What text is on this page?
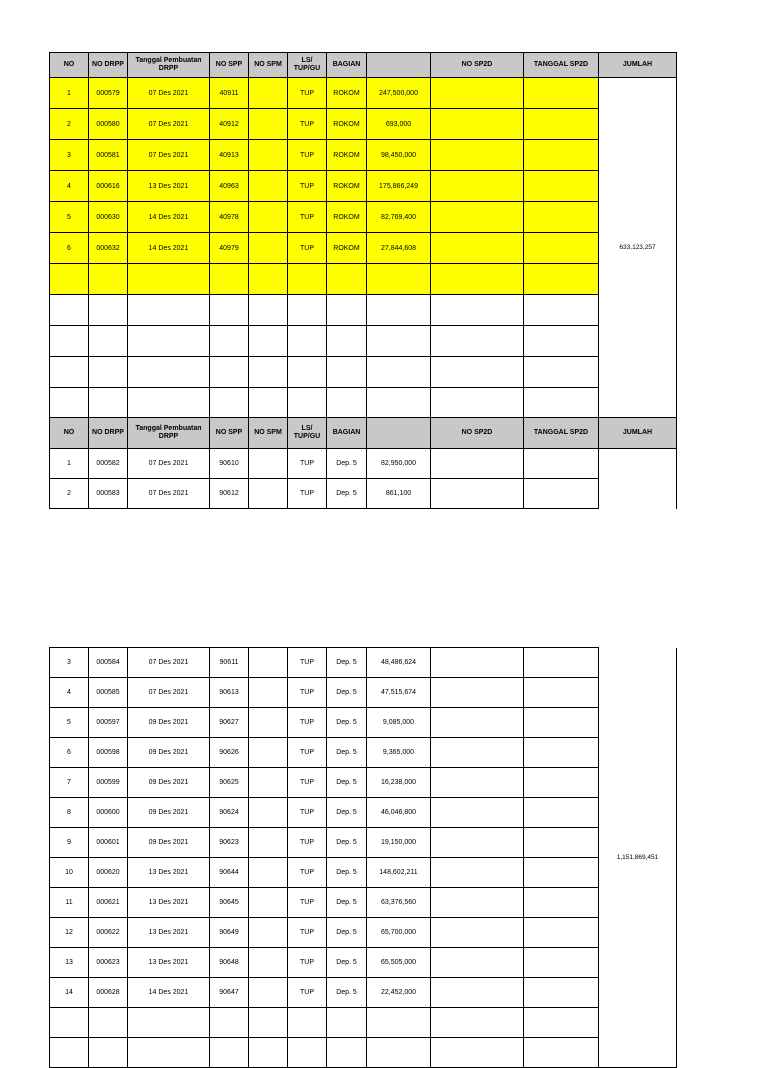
NO	NO DRPP	Tanggal Pembuatan DRPP	NO SPP	NO SPM	LS/ TUP/GU	BAGIAN		NO SP2D	TANGGAL SP2D	JUMLAH
1	000579	07 Des 2021	40911		TUP	ROKOM	247,500,000			633,123,257
2	000580	07 Des 2021	40912		TUP	ROKOM	693,000			
3	000581	07 Des 2021	40913		TUP	ROKOM	98,450,000			
4	000616	13 Des 2021	40963		TUP	ROKOM	175,866,249			
5	000630	14 Des 2021	40978		TUP	ROKOM	82,769,400			
6	000632	14 Des 2021	40979		TUP	ROKOM	27,844,608			

NO	NO DRPP	Tanggal Pembuatan DRPP	NO SPP	NO SPM	LS/ TUP/GU	BAGIAN		NO SP2D	TANGGAL SP2D	JUMLAH
1	000582	07 Des 2021	90610		TUP	Dep. 5	82,950,000			
2	000583	07 Des 2021	90612		TUP	Dep. 5	861,100			
3	000584	07 Des 2021	90611		TUP	Dep. 5	48,486,624			1,151,869,451
4	000585	07 Des 2021	90613		TUP	Dep. 5	47,515,674			
5	000597	09 Des 2021	90627		TUP	Dep. 5	9,085,000			
6	000598	09 Des 2021	90626		TUP	Dep. 5	9,365,000			
7	000599	09 Des 2021	90625		TUP	Dep. 5	16,238,000			
8	000600	09 Des 2021	90624		TUP	Dep. 5	46,046,800			
9	000601	09 Des 2021	90623		TUP	Dep. 5	19,150,000			
10	000620	13 Des 2021	90644		TUP	Dep. 5	148,602,211			
11	000621	13 Des 2021	90645		TUP	Dep. 5	63,376,560			
12	000622	13 Des 2021	90649		TUP	Dep. 5	65,700,000			
13	000623	13 Des 2021	90648		TUP	Dep. 5	65,505,000			
14	000628	14 Des 2021	90647		TUP	Dep. 5	22,452,000			
